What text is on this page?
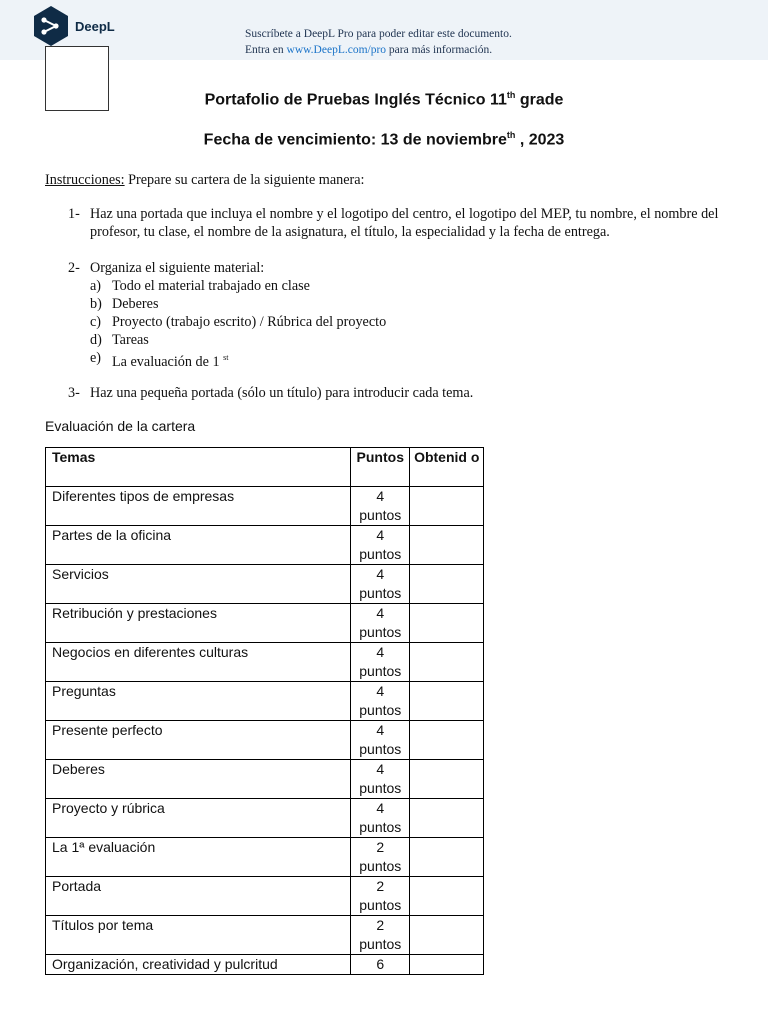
DeepL	Suscríbete a DeepL Pro para poder editar este documento.
Entra en www.DeepL.com/pro para más información.
Portafolio de Pruebas Inglés Técnico 11th grade
Fecha de vencimiento: 13 de noviembre$^{th}$ , 2023
Instrucciones: Prepare su cartera de la siguiente manera:
1- Haz una portada que incluya el nombre y el logotipo del centro, el logotipo del MEP, tu nombre, el nombre del profesor, tu clase, el nombre de la asignatura, el título, la especialidad y la fecha de entrega.
2- Organiza el siguiente material:
a) Todo el material trabajado en clase
b) Deberes
c) Proyecto (trabajo escrito) / Rúbrica del proyecto
d) Tareas
e) La evaluación de 1 $^{st}$
3- Haz una pequeña portada (sólo un título) para introducir cada tema.
Evaluación de la cartera
Temas	Puntos	Obtenid o
Diferentes tipos de empresas	4 puntos	
Partes de la oficina	4 puntos	
Servicios	4 puntos	
Retribución y prestaciones	4 puntos	
Negocios en diferentes culturas	4 puntos	
Preguntas	4 puntos	
Presente perfecto	4 puntos	
Deberes	4 puntos	
Proyecto y rúbrica	4 puntos	
La 1ª evaluación	2 puntos	
Portada	2 puntos	
Títulos por tema	2 puntos	
Organización, creatividad y pulcritud	6	
